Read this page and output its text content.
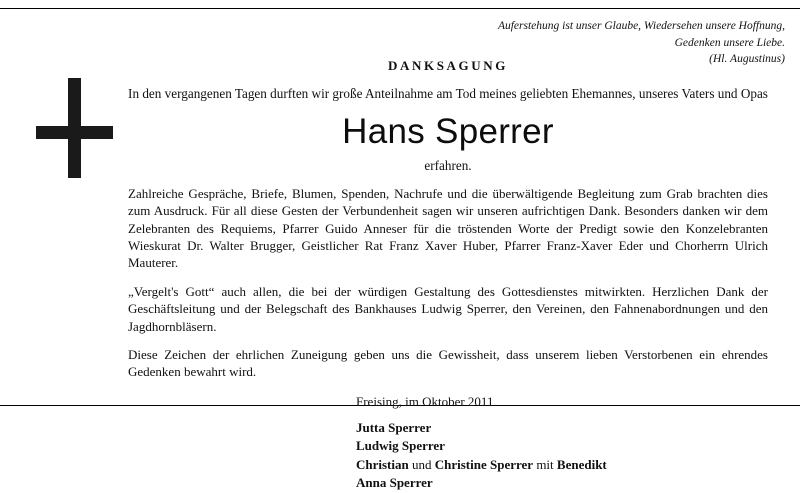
Auferstehung ist unser Glaube, Wiedersehen unsere Hoffnung, Gedenken unsere Liebe.
(Hl. Augustinus)
DANKSAGUNG
In den vergangenen Tagen durften wir große Anteilnahme am Tod meines geliebten Ehemannes, unseres Vaters und Opas
Hans Sperrer
erfahren.
Zahlreiche Gespräche, Briefe, Blumen, Spenden, Nachrufe und die überwältigende Begleitung zum Grab brachten dies zum Ausdruck. Für all diese Gesten der Verbundenheit sagen wir unseren aufrichtigen Dank. Besonders danken wir dem Zelebranten des Requiems, Pfarrer Guido Anneser für die tröstenden Worte der Predigt sowie den Konzelebranten Wieskurat Dr. Walter Brugger, Geistlicher Rat Franz Xaver Huber, Pfarrer Franz-Xaver Eder und Chorherrn Ulrich Mauterer.
„Vergelt's Gott“ auch allen, die bei der würdigen Gestaltung des Gottesdienstes mitwirkten. Herzlichen Dank der Geschäftsleitung und der Belegschaft des Bankhauses Ludwig Sperrer, den Vereinen, den Fahnenabordnungen und den Jagdhornbläsern.
Diese Zeichen der ehrlichen Zuneigung geben uns die Gewissheit, dass unserem lieben Verstorbenen ein ehrendes Gedenken bewahrt wird.
Freising, im Oktober 2011
Jutta Sperrer
Ludwig Sperrer
Christian und Christine Sperrer mit Benedikt
Anna Sperrer
